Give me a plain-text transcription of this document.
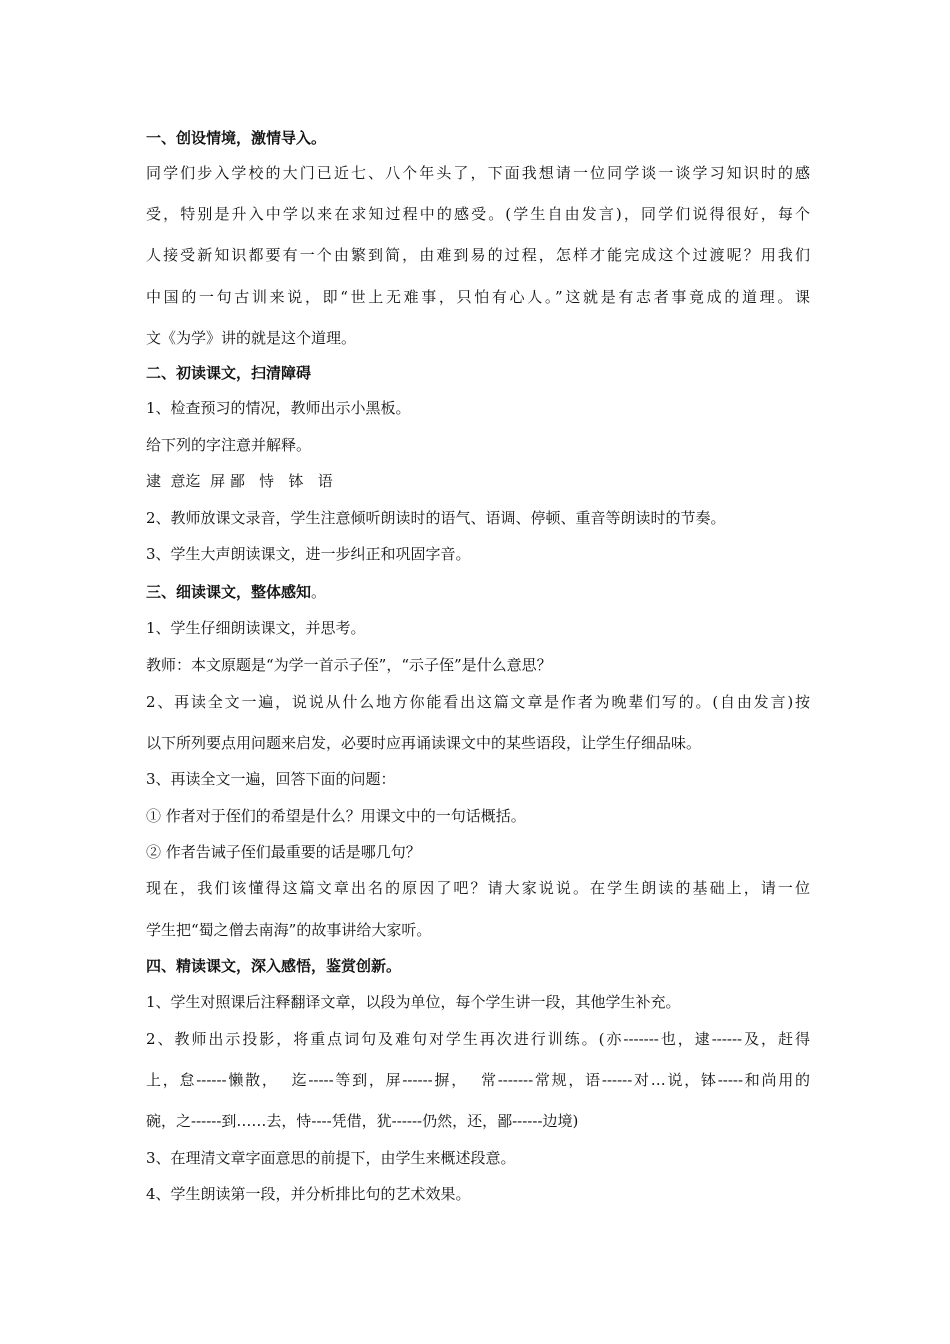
一、创设情境，激情导入。
同学们步入学校的大门已近七、八个年头了，下面我想请一位同学谈一谈学习知识时的感
受，特别是升入中学以来在求知过程中的感受。(学生自由发言)，同学们说得很好，每个
人接受新知识都要有一个由繁到简，由难到易的过程，怎样才能完成这个过渡呢？用我们
中国的一句古训来说，即“世上无难事，只怕有心人。”这就是有志者事竟成的道理。课
文《为学》讲的就是这个道理。
二、初读课文，扫清障碍
1、检查预习的情况，教师出示小黑板。
给下列的字注意并解释。
逮  意迄  屏 鄙   恃   钵   语
2、教师放课文录音，学生注意倾听朗读时的语气、语调、停顿、重音等朗读时的节奏。
3、学生大声朗读课文，进一步纠正和巩固字音。
三、细读课文，整体感知。
1、学生仔细朗读课文，并思考。
教师：本文原题是“为学一首示子侄”，“示子侄”是什么意思？
2、再读全文一遍，说说从什么地方你能看出这篇文章是作者为晚辈们写的。(自由发言)按
以下所列要点用问题来启发，必要时应再诵读课文中的某些语段，让学生仔细品味。
3、再读全文一遍，回答下面的问题：
① 作者对于侄们的希望是什么？用课文中的一句话概括。
② 作者告诫子侄们最重要的话是哪几句？
现在，我们该懂得这篇文章出名的原因了吧？请大家说说。在学生朗读的基础上，请一位
学生把“蜀之僧去南海”的故事讲给大家听。
四、精读课文，深入感悟，鉴赏创新。
1、学生对照课后注释翻译文章，以段为单位，每个学生讲一段，其他学生补充。
2、教师出示投影，将重点词句及难句对学生再次进行训练。(亦-------也，逮------及，赶得
上，怠------懒散，  迄-----等到，屏------摒，  常-------常规，语------对…说，钵-----和尚用的
碗，之------到……去，恃----凭借，犹------仍然，还，鄙------边境)
3、在理清文章字面意思的前提下，由学生来概述段意。
4、学生朗读第一段，并分析排比句的艺术效果。
